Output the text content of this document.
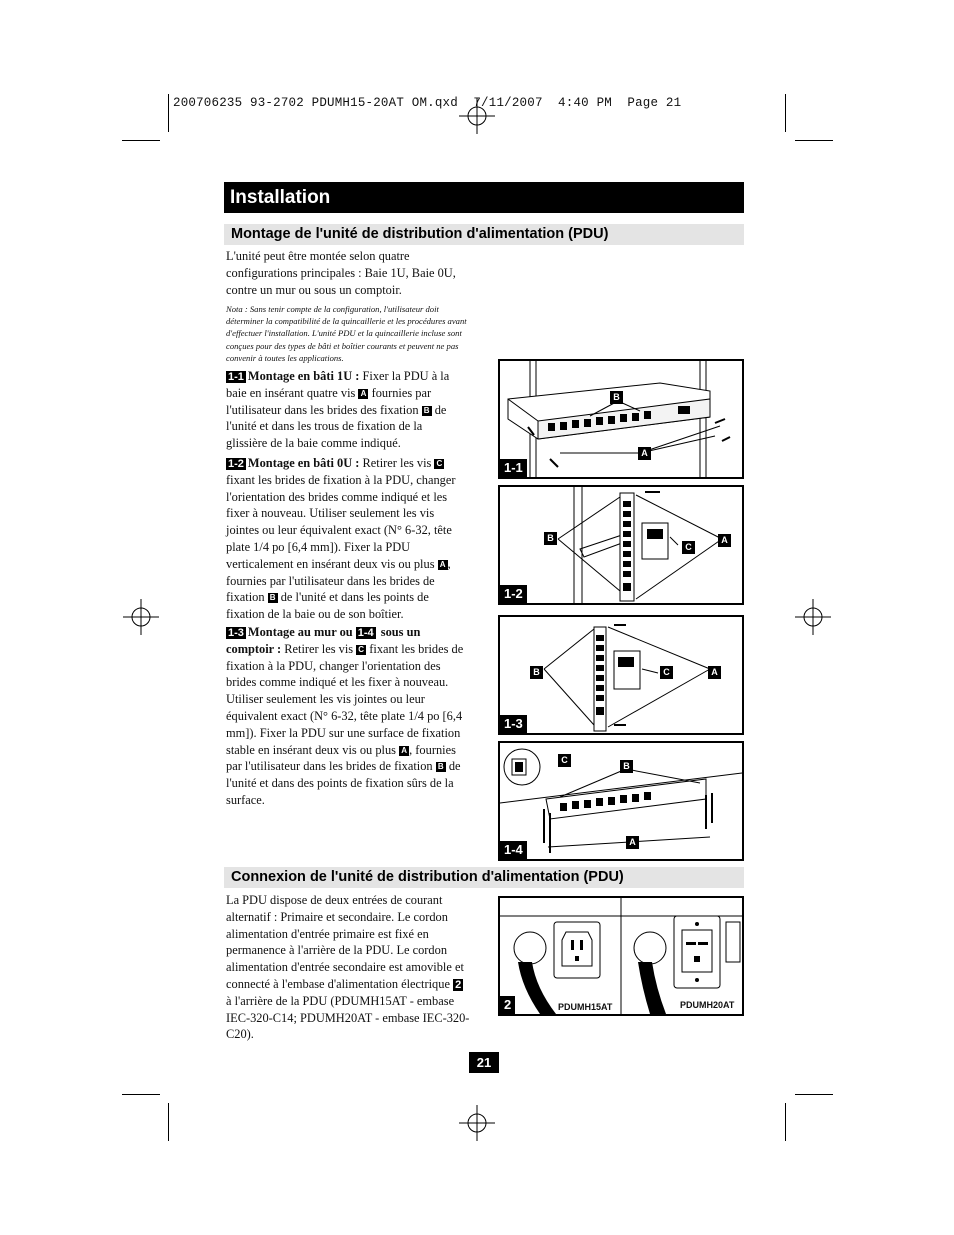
200706235 93-2702 PDUMH15-20AT OM.qxd  7/11/2007  4:40 PM  Page 21
Installation
Montage de l'unité de distribution d'alimentation (PDU)
L'unité peut être montée selon quatre configurations principales : Baie 1U, Baie 0U, contre un mur ou sous un comptoir.
Nota : Sans tenir compte de la configuration, l'utilisateur doit déterminer la compatibilité de la quincaillerie et les procédures avant d'effectuer l'installation. L'unité PDU et la quincaillerie incluse sont conçues pour des types de bâti et boîtier courants et peuvent ne pas convenir à toutes les applications.
1-1 Montage en bâti 1U : Fixer la PDU à la baie en insérant quatre vis A fournies par l'utilisateur dans les brides des fixation B de l'unité et dans les trous de fixation de la glissière de la baie comme indiqué.
1-2 Montage en bâti 0U : Retirer les vis C fixant les brides de fixation à la PDU, changer l'orientation des brides comme indiqué et les fixer à nouveau. Utiliser seulement les vis jointes ou leur équivalent exact (N° 6-32, tête plate 1/4 po [6,4 mm]). Fixer la PDU verticalement en insérant deux vis ou plus A , fournies par l'utilisateur dans les brides de fixation B de l'unité et dans les points de fixation de la baie ou de son boîtier.
1-3 Montage au mur ou 1-4 sous un comptoir : Retirer les vis C fixant les brides de fixation à la PDU, changer l'orientation des brides comme indiqué et les fixer à nouveau. Utiliser seulement les vis jointes ou leur équivalent exact (N° 6-32, tête plate 1/4 po [6,4 mm]). Fixer la PDU sur une surface de fixation stable en insérant deux vis ou plus A , fournies par l'utilisateur dans les brides de fixation B de l'unité et dans des points de fixation sûrs de la surface.
B
A
1-1
B
C
A
1-2
B	C	A
1-3
C
B
A
1-4
Connexion de l'unité de distribution d'alimentation (PDU)
La PDU dispose de deux entrées de courant alternatif : Primaire et secondaire. Le cordon alimentation d'entrée primaire est fixé en permanence à l'arrière de la PDU. Le cordon alimentation d'entrée secondaire est amovible et connecté à l'embase d'alimentation électrique 2 à l'arrière de la PDU (PDUMH15AT - embase IEC-320-C14; PDUMH20AT - embase IEC-320-C20).
PDUMH15AT	PDUMH20AT
2
21
